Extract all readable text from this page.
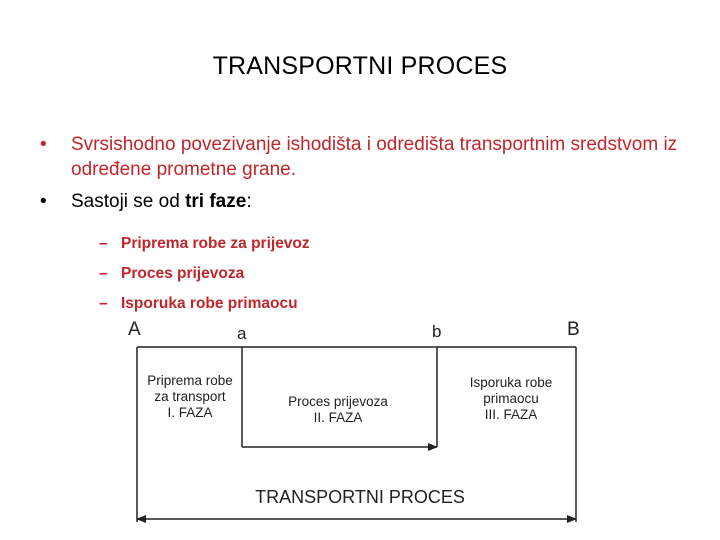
TRANSPORTNI PROCES
• Svrsishodno povezivanje ishodišta i odredišta transportnim sredstvom iz određene prometne grane.
• Sastoji se od tri faze:
– Priprema robe za prijevoz
– Proces prijevoza
– Isporuka robe primaocu
A	a	b	B
Priprema robe
za transport
I. FAZA
Proces prijevoza
II. FAZA
Isporuka robe
primaocu
III. FAZA
TRANSPORTNI PROCES
